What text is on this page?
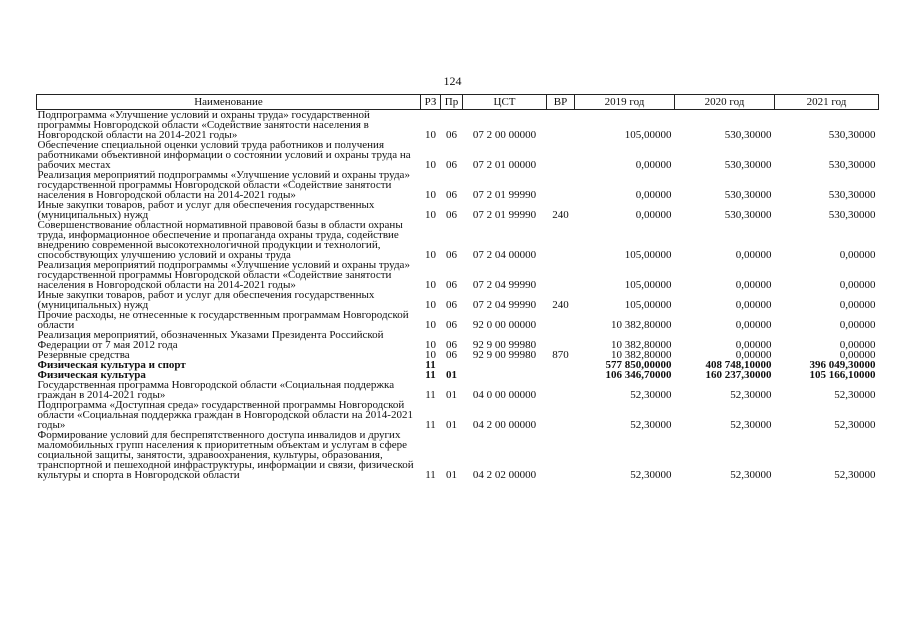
124
Наименование	РЗ	Пр	ЦСТ	ВР	2019 год	2020 год	2021 год
Подпрограмма «Улучшение условий и охраны труда» государственной программы Новгородской области «Содействие занятости населения в Новгородской области на 2014-2021 годы»	10	06	07 2 00 00000		105,00000	530,30000	530,30000
Обеспечение специальной оценки условий труда работников и получения работниками объективной информации о состоянии условий и охраны труда на рабочих местах	10	06	07 2 01 00000		0,00000	530,30000	530,30000
Реализация мероприятий подпрограммы «Улучшение условий и охраны труда» государственной программы Новгородской области «Содействие занятости населения в Новгородской области на 2014-2021 годы»	10	06	07 2 01 99990		0,00000	530,30000	530,30000
Иные закупки товаров, работ и услуг для обеспечения государственных (муниципальных) нужд	10	06	07 2 01 99990	240	0,00000	530,30000	530,30000
Совершенствование областной нормативной правовой базы в области охраны труда, информационное обеспечение и пропаганда охраны труда, содействие внедрению современной высокотехнологичной продукции и технологий, способствующих улучшению условий и охраны труда	10	06	07 2 04 00000		105,00000	0,00000	0,00000
Реализация мероприятий подпрограммы «Улучшение условий и охраны труда» государственной программы Новгородской области «Содействие занятости населения в Новгородской области на 2014-2021 годы»	10	06	07 2 04 99990		105,00000	0,00000	0,00000
Иные закупки товаров, работ и услуг для обеспечения государственных (муниципальных) нужд	10	06	07 2 04 99990	240	105,00000	0,00000	0,00000
Прочие расходы, не отнесенные к государственным программам Новгородской области	10	06	92 0 00 00000		10 382,80000	0,00000	0,00000
Реализация мероприятий, обозначенных Указами Президента Российской Федерации от 7 мая 2012 года	10	06	92 9 00 99980		10 382,80000	0,00000	0,00000
Резервные средства	10	06	92 9 00 99980	870	10 382,80000	0,00000	0,00000
Физическая культура и спорт	11				577 850,00000	408 748,10000	396 049,30000
Физическая культура	11	01			106 346,70000	160 237,30000	105 166,10000
Государственная программа Новгородской области «Социальная поддержка граждан в 2014-2021 годы»	11	01	04 0 00 00000		52,30000	52,30000	52,30000
Подпрограмма «Доступная среда» государственной программы Новгородской области «Социальная поддержка граждан в Новгородской области на 2014-2021 годы»	11	01	04 2 00 00000		52,30000	52,30000	52,30000
Формирование условий для беспрепятственного доступа инвалидов и других маломобильных групп населения к приоритетным объектам и услугам в сфере социальной защиты, занятости, здравоохранения, культуры, образования, транспортной и пешеходной инфраструктуры, информации и связи, физической культуры и спорта в Новгородской области	11	01	04 2 02 00000		52,30000	52,30000	52,30000
